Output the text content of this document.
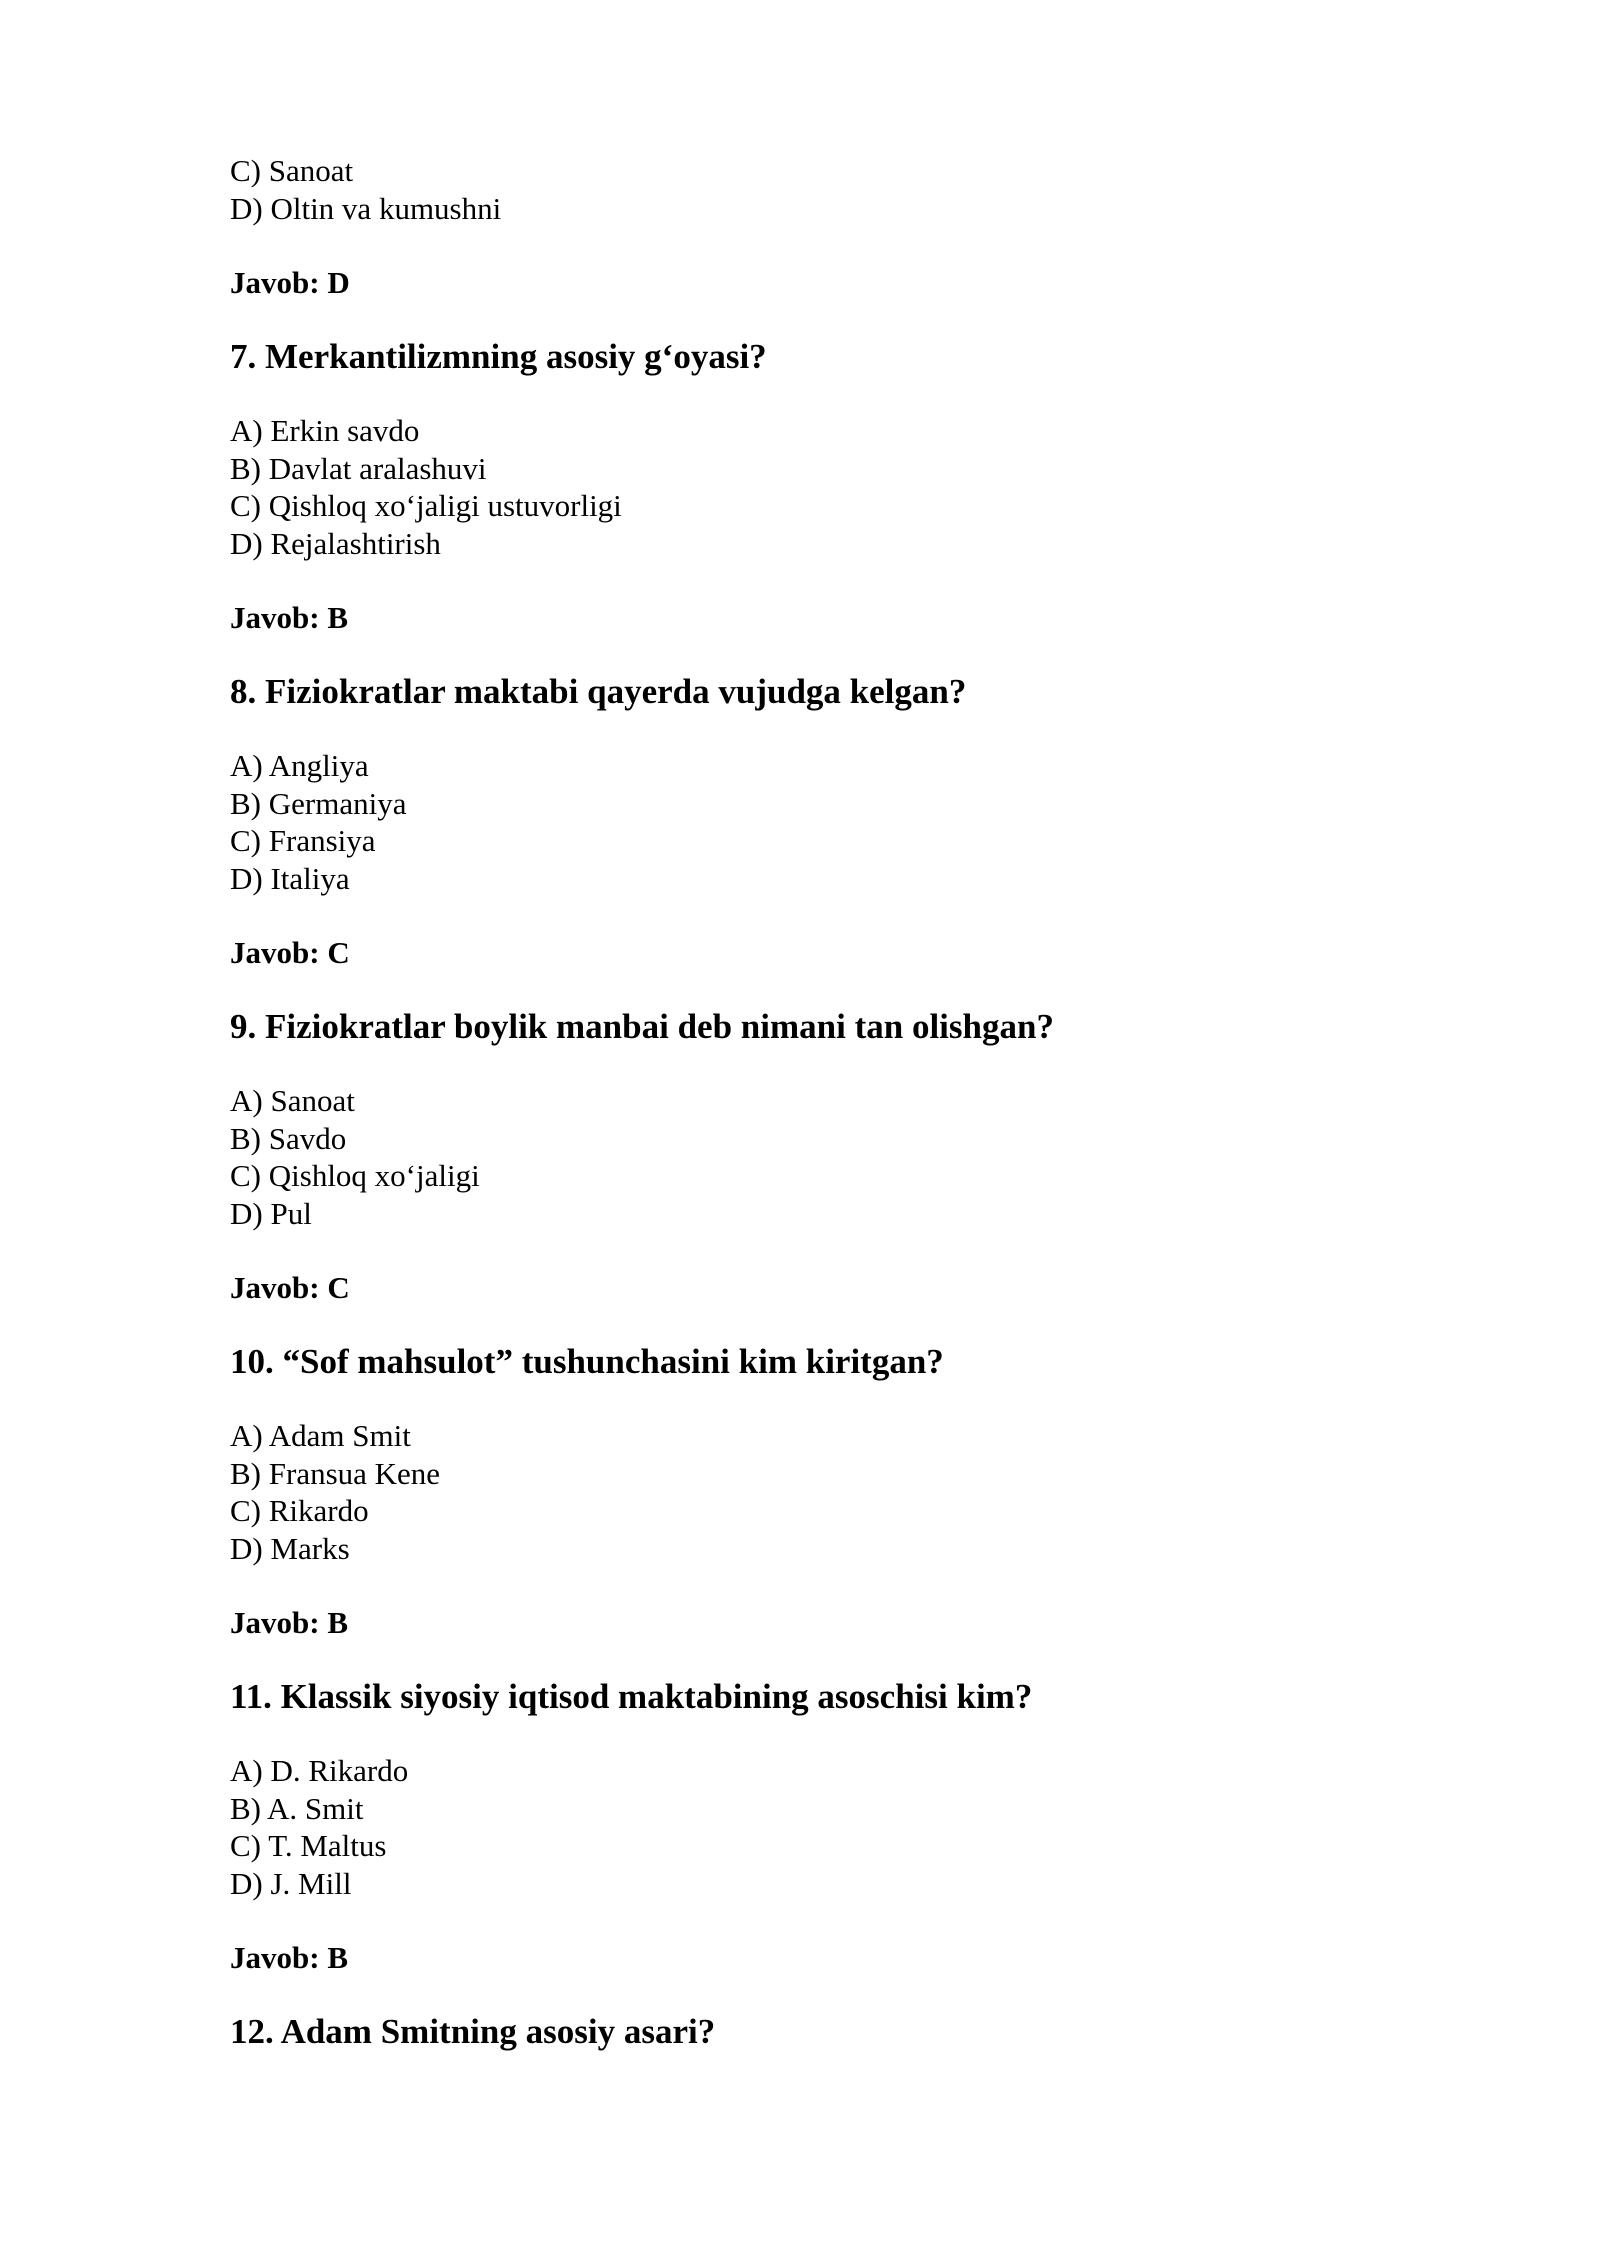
C) Sanoat
D) Oltin va kumushni
Javob: D
7. Merkantilizmning asosiy g‘oyasi?
A) Erkin savdo
B) Davlat aralashuvi
C) Qishloq xo‘jaligi ustuvorligi
D) Rejalashtirish
Javob: B
8. Fiziokratlar maktabi qayerda vujudga kelgan?
A) Angliya
B) Germaniya
C) Fransiya
D) Italiya
Javob: C
9. Fiziokratlar boylik manbai deb nimani tan olishgan?
A) Sanoat
B) Savdo
C) Qishloq xo‘jaligi
D) Pul
Javob: C
10. “Sof mahsulot” tushunchasini kim kiritgan?
A) Adam Smit
B) Fransua Kene
C) Rikardo
D) Marks
Javob: B
11. Klassik siyosiy iqtisod maktabining asoschisi kim?
A) D. Rikardo
B) A. Smit
C) T. Maltus
D) J. Mill
Javob: B
12. Adam Smitning asosiy asari?
